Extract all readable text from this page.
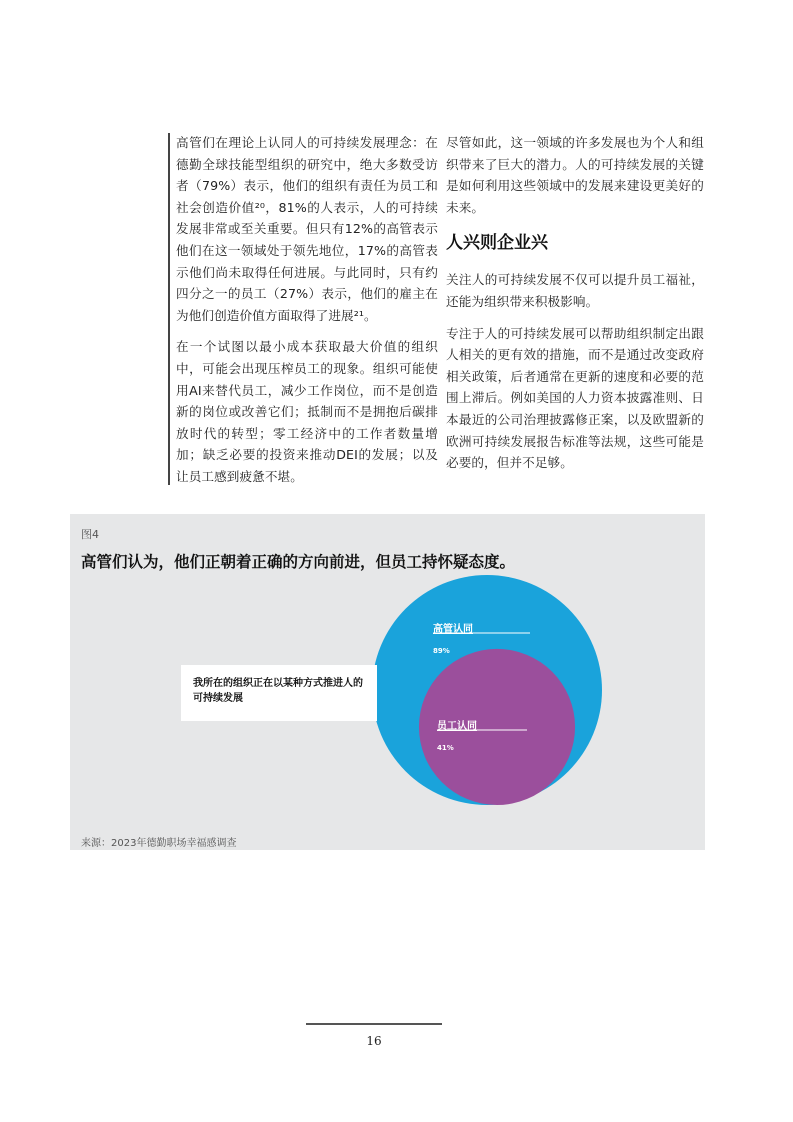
高管们在理论上认同人的可持续发展理念：在德勤全球技能型组织的研究中，绝大多数受访者（79%）表示，他们的组织有责任为员工和社会创造价值²⁰，81%的人表示，人的可持续发展非常或至关重要。但只有12%的高管表示他们在这一领域处于领先地位，17%的高管表示他们尚未取得任何进展。与此同时，只有约四分之一的员工（27%）表示，他们的雇主在为他们创造价值方面取得了进展²¹。

在一个试图以最小成本获取最大价值的组织中，可能会出现压榨员工的现象。组织可能使用AI来替代员工，减少工作岗位，而不是创造新的岗位或改善它们；抵制而不是拥抱后碳排放时代的转型；零工经济中的工作者数量增加；缺乏必要的投资来推动DEI的发展；以及让员工感到疲惫不堪。

尽管如此，这一领域的许多发展也为个人和组织带来了巨大的潜力。人的可持续发展的关键是如何利用这些领域中的发展来建设更美好的未来。

人兴则企业兴

关注人的可持续发展不仅可以提升员工福祉，还能为组织带来积极影响。

专注于人的可持续发展可以帮助组织制定出跟人相关的更有效的措施，而不是通过改变政府相关政策，后者通常在更新的速度和必要的范围上滞后。例如美国的人力资本披露准则、日本最近的公司治理披露修正案，以及欧盟新的欧洲可持续发展报告标准等法规，这些可能是必要的，但并不足够。

图4
高管们认为，他们正朝着正确的方向前进，但员工持怀疑态度。
高管认同
89%
员工认同
41%
我所在的组织正在以某种方式推进人的可持续发展
来源：2023年德勤职场幸福感调查
16
